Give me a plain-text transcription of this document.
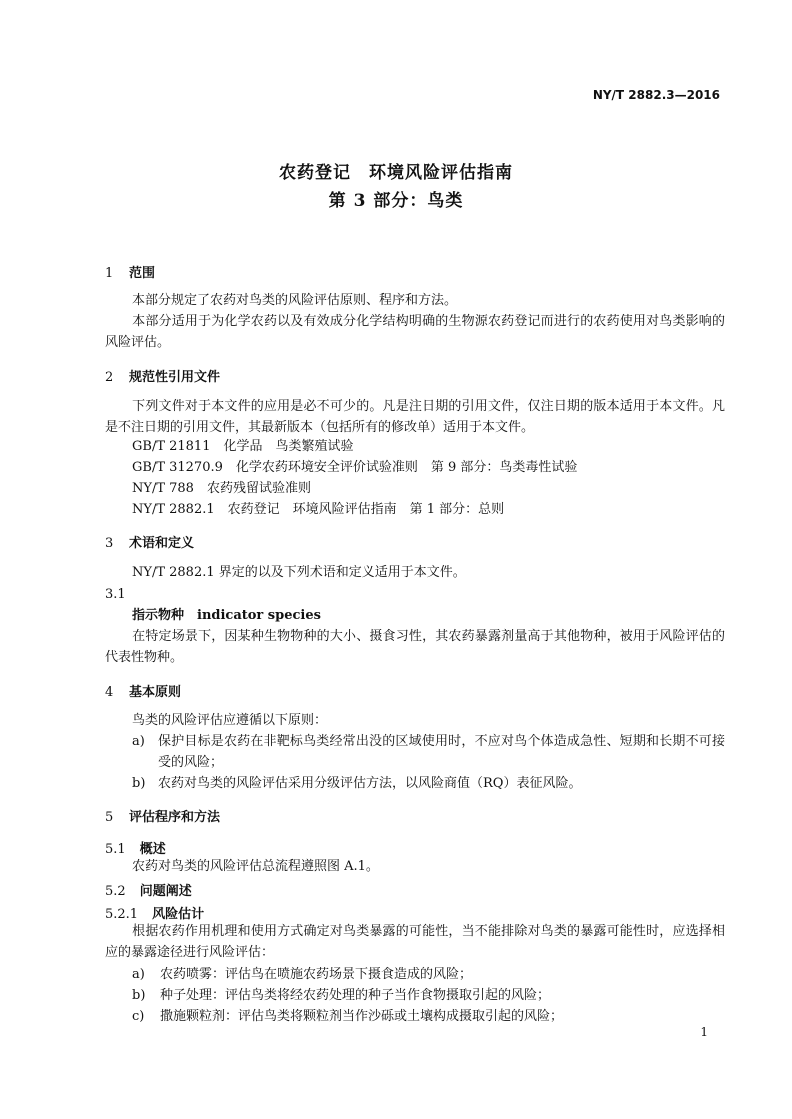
NY/T 2882.3—2016
农药登记　环境风险评估指南
第 3 部分：鸟类
1 范围
本部分规定了农药对鸟类的风险评估原则、程序和方法。
本部分适用于为化学农药以及有效成分化学结构明确的生物源农药登记而进行的农药使用对鸟类影响的风险评估。
2 规范性引用文件
下列文件对于本文件的应用是必不可少的。凡是注日期的引用文件，仅注日期的版本适用于本文件。凡是不注日期的引用文件，其最新版本（包括所有的修改单）适用于本文件。
GB/T 21811　化学品　鸟类繁殖试验
GB/T 31270.9　化学农药环境安全评价试验准则　第 9 部分：鸟类毒性试验
NY/T 788　农药残留试验准则
NY/T 2882.1　农药登记　环境风险评估指南　第 1 部分：总则
3 术语和定义
NY/T 2882.1 界定的以及下列术语和定义适用于本文件。
3.1
指示物种　indicator species
在特定场景下，因某种生物物种的大小、摄食习性，其农药暴露剂量高于其他物种，被用于风险评估的代表性物种。
4 基本原则
鸟类的风险评估应遵循以下原则：
a) 保护目标是农药在非靶标鸟类经常出没的区域使用时，不应对鸟个体造成急性、短期和长期不可接受的风险；
b) 农药对鸟类的风险评估采用分级评估方法，以风险商值（RQ）表征风险。
5 评估程序和方法
5.1 概述
农药对鸟类的风险评估总流程遵照图 A.1。
5.2 问题阐述
5.2.1 风险估计
根据农药作用机理和使用方式确定对鸟类暴露的可能性，当不能排除对鸟类的暴露可能性时，应选择相应的暴露途径进行风险评估：
a) 农药喷雾：评估鸟在喷施农药场景下摄食造成的风险；
b) 种子处理：评估鸟类将经农药处理的种子当作食物摄取引起的风险；
c) 撒施颗粒剂：评估鸟类将颗粒剂当作沙砾或土壤构成摄取引起的风险；
1
